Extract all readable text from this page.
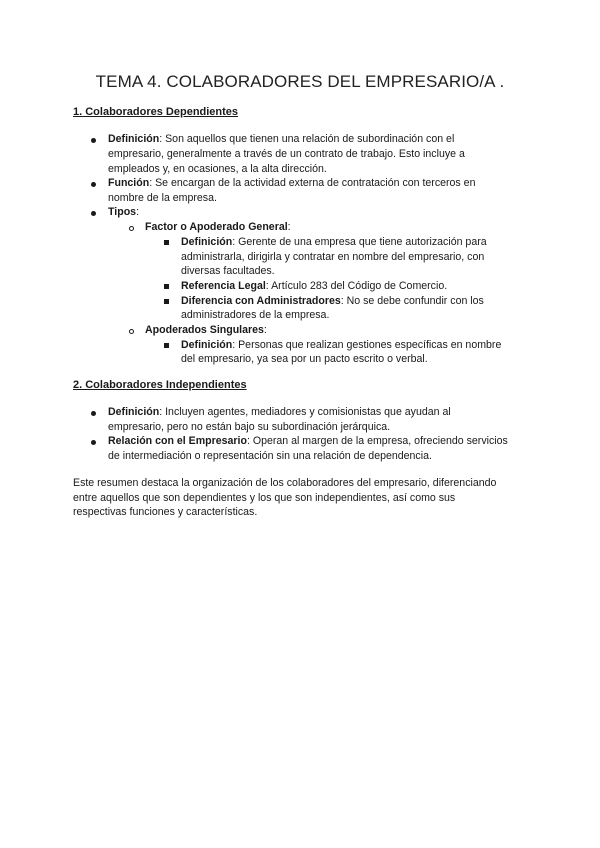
TEMA 4. COLABORADORES DEL EMPRESARIO/A .
1. Colaboradores Dependientes
Definición: Son aquellos que tienen una relación de subordinación con el
empresario, generalmente a través de un contrato de trabajo. Esto incluye a
empleados y, en ocasiones, a la alta dirección.
Función: Se encargan de la actividad externa de contratación con terceros en
nombre de la empresa.
Tipos:
Factor o Apoderado General:
Definición: Gerente de una empresa que tiene autorización para
administrarla, dirigirla y contratar en nombre del empresario, con
diversas facultades.
Referencia Legal: Artículo 283 del Código de Comercio.
Diferencia con Administradores: No se debe confundir con los
administradores de la empresa.
Apoderados Singulares:
Definición: Personas que realizan gestiones específicas en nombre
del empresario, ya sea por un pacto escrito o verbal.
2. Colaboradores Independientes
Definición: Incluyen agentes, mediadores y comisionistas que ayudan al
empresario, pero no están bajo su subordinación jerárquica.
Relación con el Empresario: Operan al margen de la empresa, ofreciendo servicios
de intermediación o representación sin una relación de dependencia.
Este resumen destaca la organización de los colaboradores del empresario, diferenciando
entre aquellos que son dependientes y los que son independientes, así como sus
respectivas funciones y características.
